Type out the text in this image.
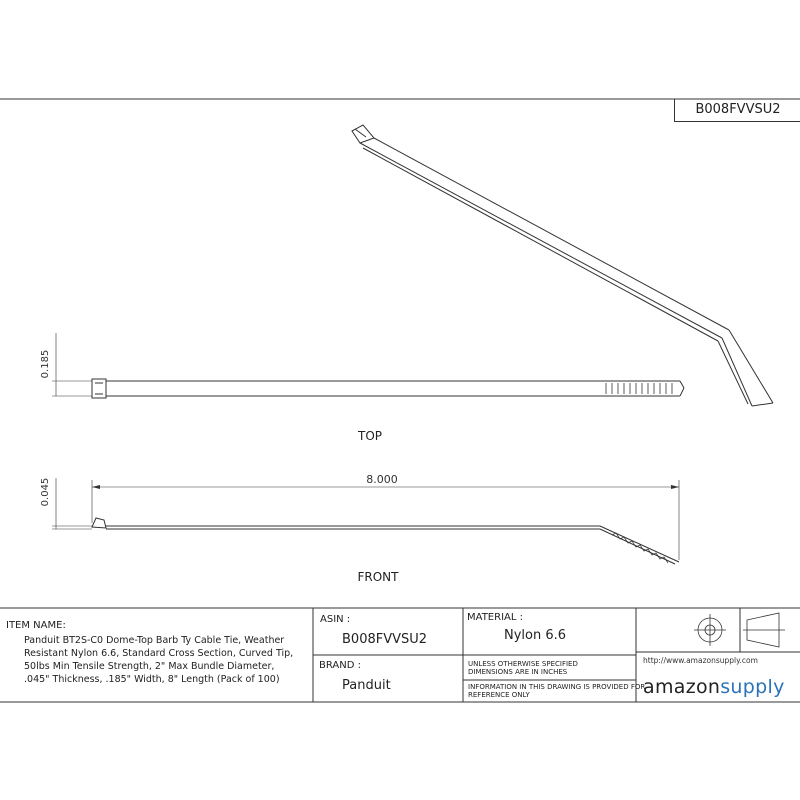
0.185
0.045	8.000
TOP
FRONT
B008FVVSU2
ITEM NAME:
Panduit BT2S-C0 Dome-Top Barb Ty Cable Tie, Weather Resistant Nylon 6.6, Standard Cross Section, Curved Tip, 50lbs Min Tensile Strength, 2" Max Bundle Diameter, .045" Thickness, .185" Width, 8" Length (Pack of 100)
ASIN :
B008FVVSU2
MATERIAL :
Nylon 6.6
BRAND :
Panduit
UNLESS OTHERWISE SPECIFIED
DIMENSIONS ARE IN INCHES
INFORMATION IN THIS DRAWING IS PROVIDED FOR
REFERENCE ONLY
http://www.amazonsupply.com
amazonsupply
